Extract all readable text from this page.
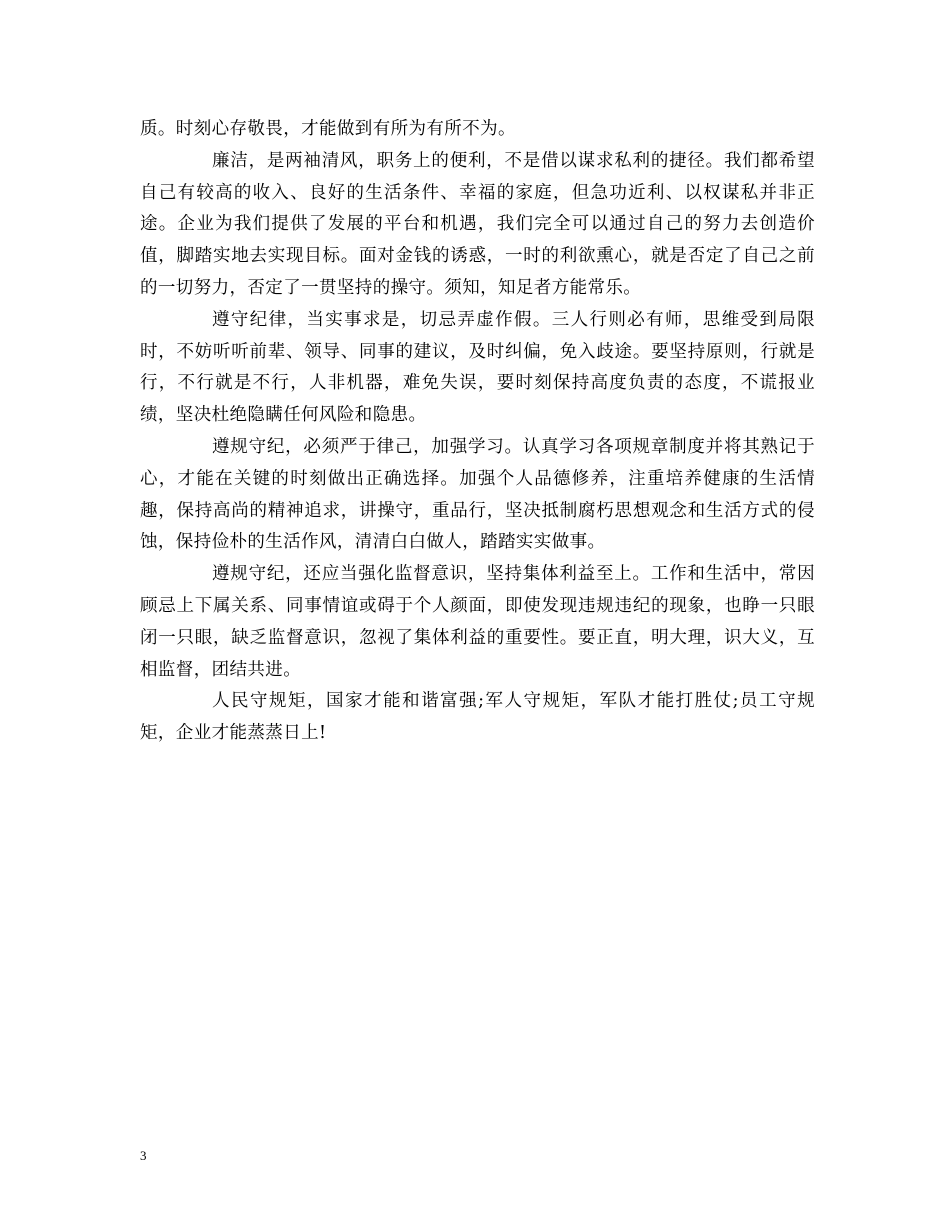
质。时刻心存敬畏，才能做到有所为有所不为。

廉洁，是两袖清风，职务上的便利，不是借以谋求私利的捷径。我们都希望自己有较高的收入、良好的生活条件、幸福的家庭，但急功近利、以权谋私并非正途。企业为我们提供了发展的平台和机遇，我们完全可以通过自己的努力去创造价值，脚踏实地去实现目标。面对金钱的诱惑，一时的利欲熏心，就是否定了自己之前的一切努力，否定了一贯坚持的操守。须知，知足者方能常乐。

遵守纪律，当实事求是，切忌弄虚作假。三人行则必有师，思维受到局限时，不妨听听前辈、领导、同事的建议，及时纠偏，免入歧途。要坚持原则，行就是行，不行就是不行，人非机器，难免失误，要时刻保持高度负责的态度，不谎报业绩，坚决杜绝隐瞒任何风险和隐患。

遵规守纪，必须严于律己，加强学习。认真学习各项规章制度并将其熟记于心，才能在关键的时刻做出正确选择。加强个人品德修养，注重培养健康的生活情趣，保持高尚的精神追求，讲操守，重品行，坚决抵制腐朽思想观念和生活方式的侵蚀，保持俭朴的生活作风，清清白白做人，踏踏实实做事。

遵规守纪，还应当强化监督意识，坚持集体利益至上。工作和生活中，常因顾忌上下属关系、同事情谊或碍于个人颜面，即使发现违规违纪的现象，也睁一只眼闭一只眼，缺乏监督意识，忽视了集体利益的重要性。要正直，明大理，识大义，互相监督，团结共进。

人民守规矩，国家才能和谐富强;军人守规矩，军队才能打胜仗;员工守规矩，企业才能蒸蒸日上!

3
